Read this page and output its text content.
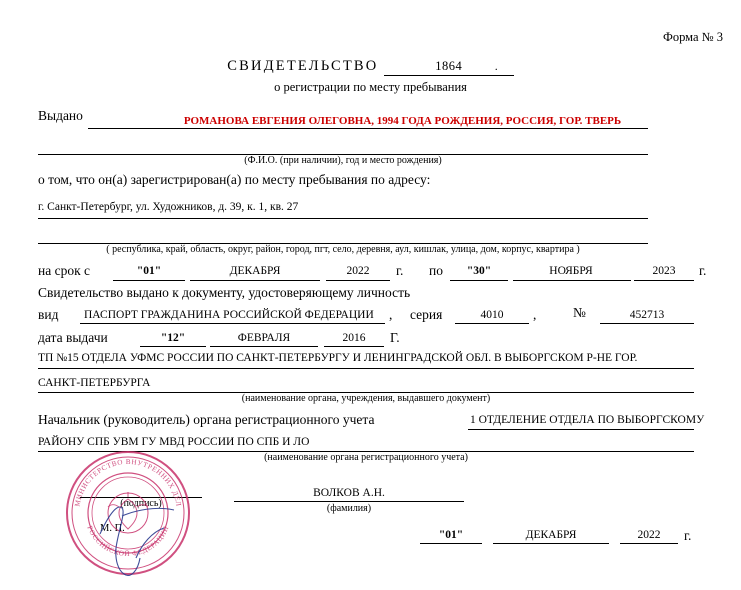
Форма № 3
СВИДЕТЕЛЬСТВО	1864	.
о регистрации по месту пребывания
Выдано	РОМАНОВА ЕВГЕНИЯ ОЛЕГОВНА, 1994 ГОДА РОЖДЕНИЯ, РОССИЯ, ГОР. ТВЕРЬ
(Ф.И.О. (при наличии), год и место рождения)
о том, что он(а) зарегистрирован(а) по месту пребывания по адресу:
г. Санкт-Петербург, ул. Художников, д. 39, к. 1, кв. 27
( республика, край, область, округ, район, город, пгт, село, деревня, аул, кишлак, улица, дом, корпус, квартира )
на срок с	"01"	ДЕКАБРЯ	2022	г. по	"30"	НОЯБРЯ	2023	г.
Свидетельство выдано к документу, удостоверяющему личность
вид ПАСПОРТ ГРАЖДАНИНА РОССИЙСКОЙ ФЕДЕРАЦИИ , серия	4010	,	№	452713
дата выдачи	"12"	ФЕВРАЛЯ	2016	Г.
ТП №15 ОТДЕЛА УФМС РОССИИ ПО САНКТ-ПЕТЕРБУРГУ И ЛЕНИНГРАДСКОЙ ОБЛ. В ВЫБОРГСКОМ Р-НЕ ГОР.
САНКТ-ПЕТЕРБУРГА
(наименование органа, учреждения, выдавшего документ)
Начальник (руководитель) органа регистрационного учета	1 ОТДЕЛЕНИЕ ОТДЕЛА ПО ВЫБОРГСКОМУ
РАЙОНУ СПБ УВМ ГУ МВД РОССИИ ПО СПБ И ЛО
(наименование органа регистрационного учета)
(подпись)
ВОЛКОВ А.Н.
(фамилия)
М. П.
"01"	ДЕКАБРЯ	2022	г.
МИНИСТЕРСТВО ВНУТРЕННИХ ДЕЛ
РОССИЙСКОЙ ФЕДЕРАЦИИ
